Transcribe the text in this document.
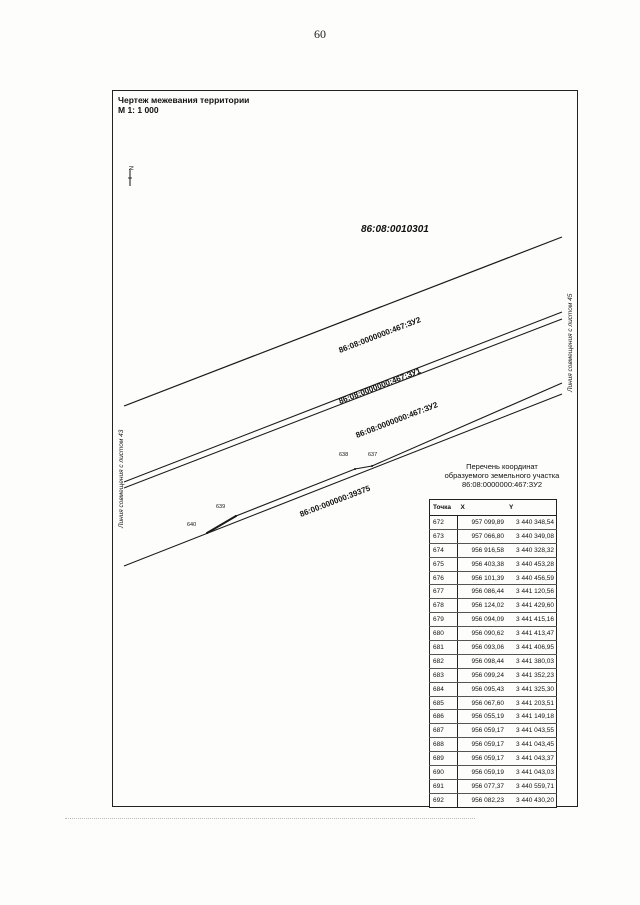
60
Чертеж межевания территории
М 1: 1 000
N
86:08:0010301
86:08:0000000:467:ЗУ2
86:08:0000000:467:ЗУ1
86:08:0000000:467:ЗУ2
86:00:000000:39375
638	637
639
640
Линия совмещения с листом 43
Линия совмещения с листом 45
Перечень координат
образуемого земельного участка
86:08:0000000:467:ЗУ2
Точка	X	Y
672	957 099,89	3 440 348,54
673	957 066,80	3 440 349,08
674	956 916,58	3 440 328,32
675	956 403,38	3 440 453,28
676	956 101,39	3 440 456,59
677	956 086,44	3 441 120,56
678	956 124,02	3 441 429,60
679	956 094,09	3 441 415,16
680	956 090,62	3 441 413,47
681	956 093,06	3 441 406,95
682	956 098,44	3 441 380,03
683	956 099,24	3 441 352,23
684	956 095,43	3 441 325,30
685	956 067,60	3 441 203,51
686	956 055,19	3 441 149,18
687	956 059,17	3 441 043,55
688	956 059,17	3 441 043,45
689	956 059,17	3 441 043,37
690	956 059,19	3 441 043,03
691	956 077,37	3 440 559,71
692	956 082,23	3 440 430,20
